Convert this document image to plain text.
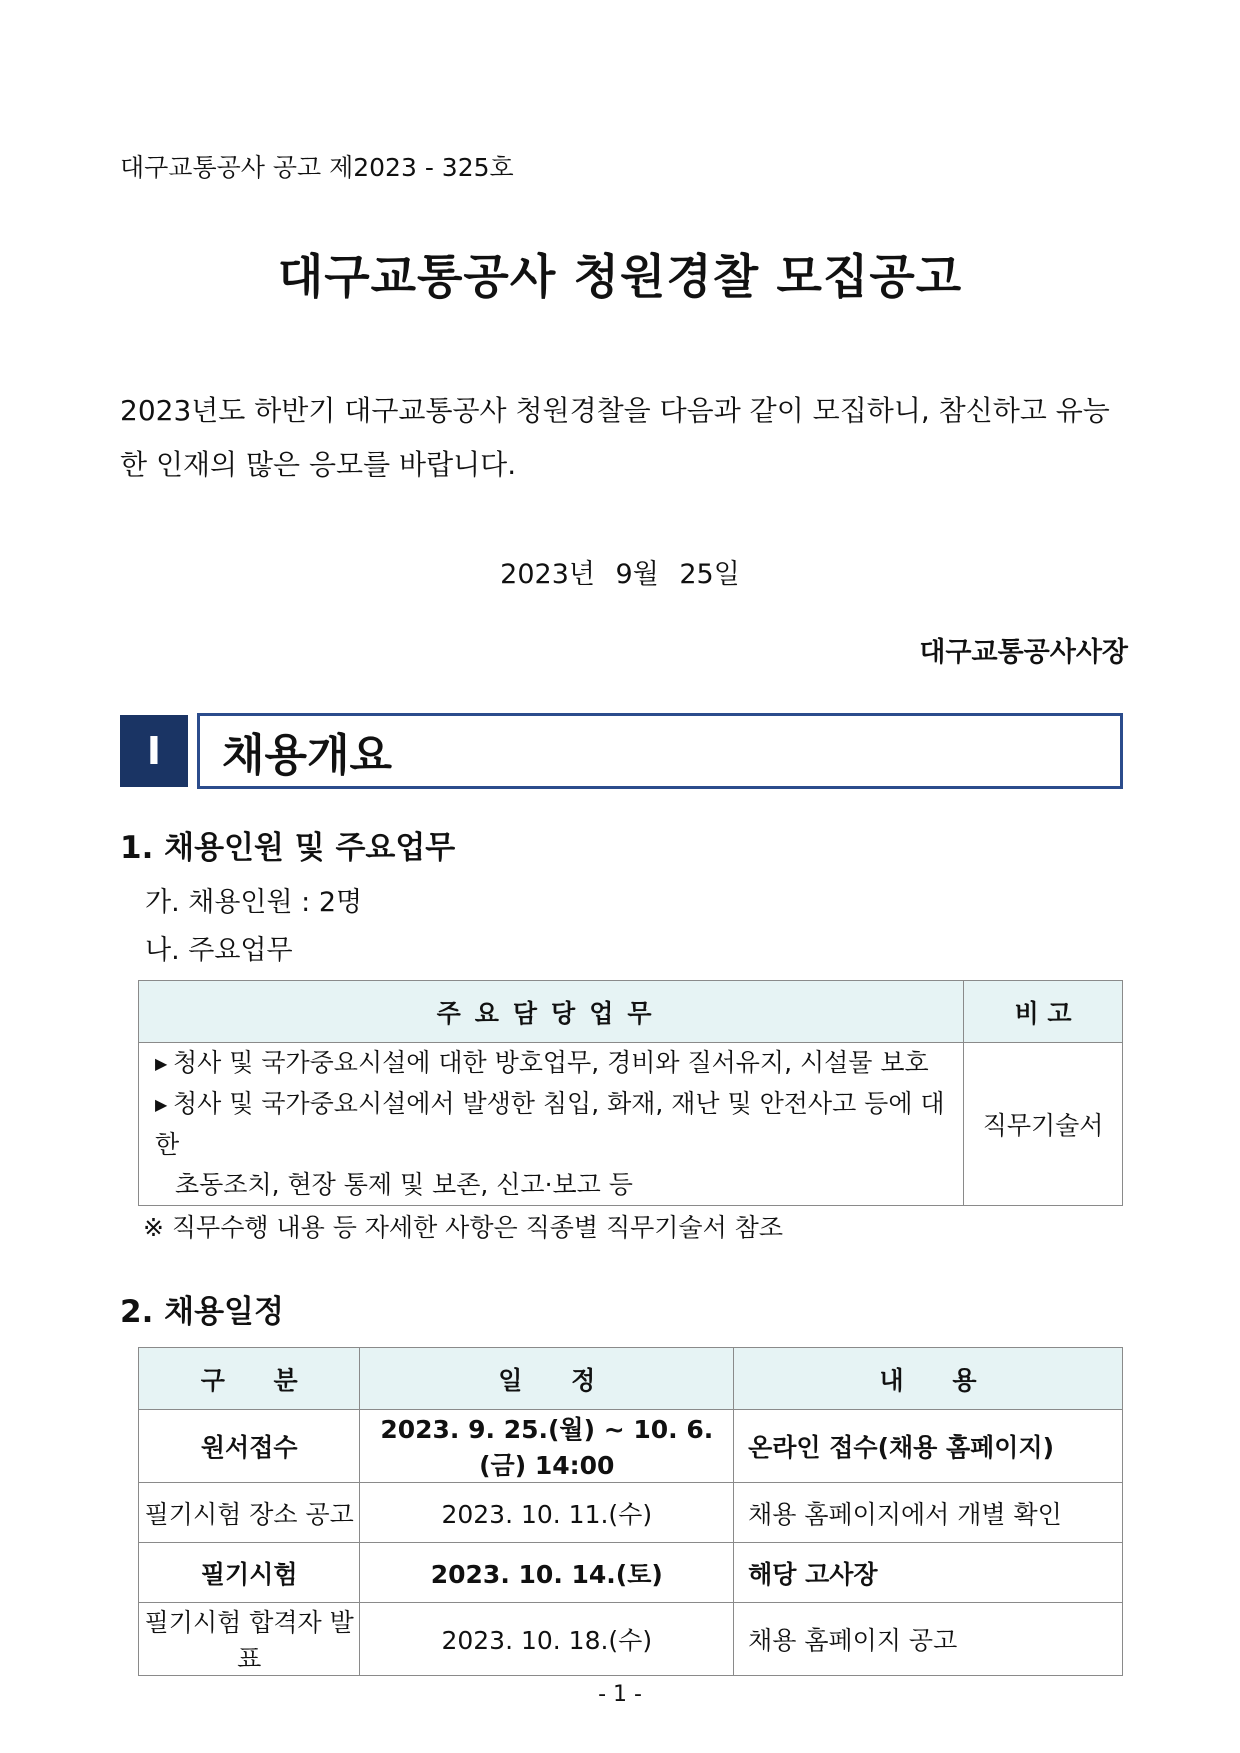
대구교통공사 공고 제2023 - 325호
대구교통공사 청원경찰 모집공고
2023년도 하반기 대구교통공사 청원경찰을 다음과 같이 모집하니, 참신하고 유능한 인재의 많은 응모를 바랍니다.
2023년 9월 25일
대구교통공사사장
Ⅰ	채용개요
1. 채용인원 및 주요업무
가. 채용인원 : 2명
나. 주요업무
주요담당업무	비 고

▶ 청사 및 국가중요시설에 대한 방호업무, 경비와 질서유지, 시설물 보호
▶ 청사 및 국가중요시설에서 발생한 침입, 화재, 재난 및 안전사고 등에 대한
초동조치, 현장 통제 및 보존, 신고·보고 등	직무기술서
※ 직무수행 내용 등 자세한 사항은 직종별 직무기술서 참조
2. 채용일정
구 분	일 정	내 용
원서접수	2023. 9. 25.(월) ~ 10. 6.(금) 14:00	온라인 접수(채용 홈페이지)
필기시험 장소 공고	2023. 10. 11.(수)	채용 홈페이지에서 개별 확인
필기시험	2023. 10. 14.(토)	해당 고사장
필기시험 합격자 발표	2023. 10. 18.(수)	채용 홈페이지 공고
- 1 -
